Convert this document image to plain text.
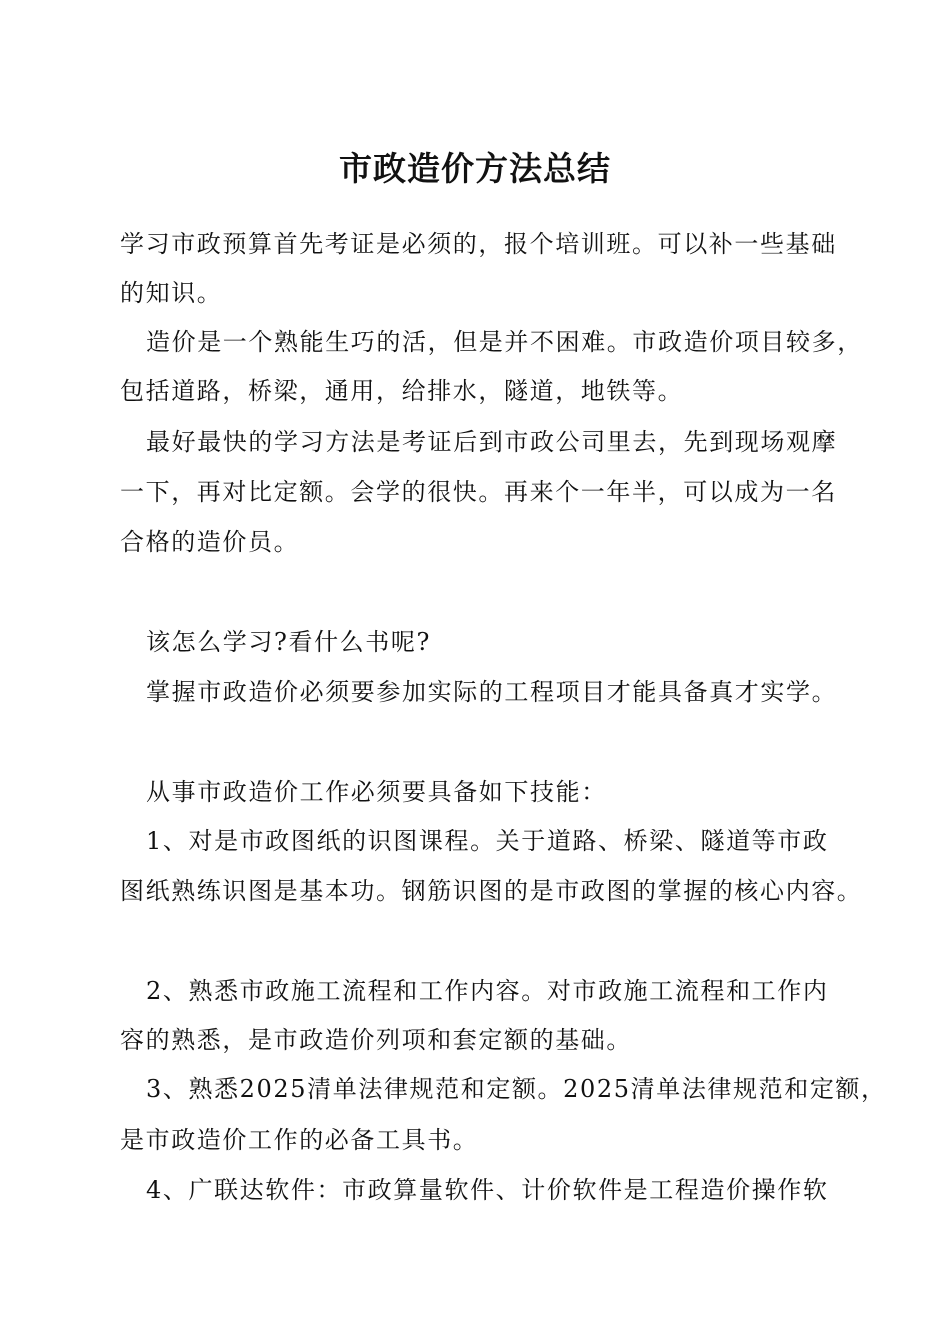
市政造价方法总结
学习市政预算首先考证是必须的，报个培训班。可以补一些基础
的知识。
造价是一个熟能生巧的活，但是并不困难。市政造价项目较多，
包括道路，桥梁，通用，给排水，隧道，地铁等。
最好最快的学习方法是考证后到市政公司里去，先到现场观摩
一下，再对比定额。会学的很快。再来个一年半，可以成为一名
合格的造价员。
该怎么学习?看什么书呢?
掌握市政造价必须要参加实际的工程项目才能具备真才实学。
从事市政造价工作必须要具备如下技能：
1、对是市政图纸的识图课程。关于道路、桥梁、隧道等市政
图纸熟练识图是基本功。钢筋识图的是市政图的掌握的核心内容。
2、熟悉市政施工流程和工作内容。对市政施工流程和工作内
容的熟悉，是市政造价列项和套定额的基础。
3、熟悉2025清单法律规范和定额。2025清单法律规范和定额，
是市政造价工作的必备工具书。
4、广联达软件：市政算量软件、计价软件是工程造价操作软
